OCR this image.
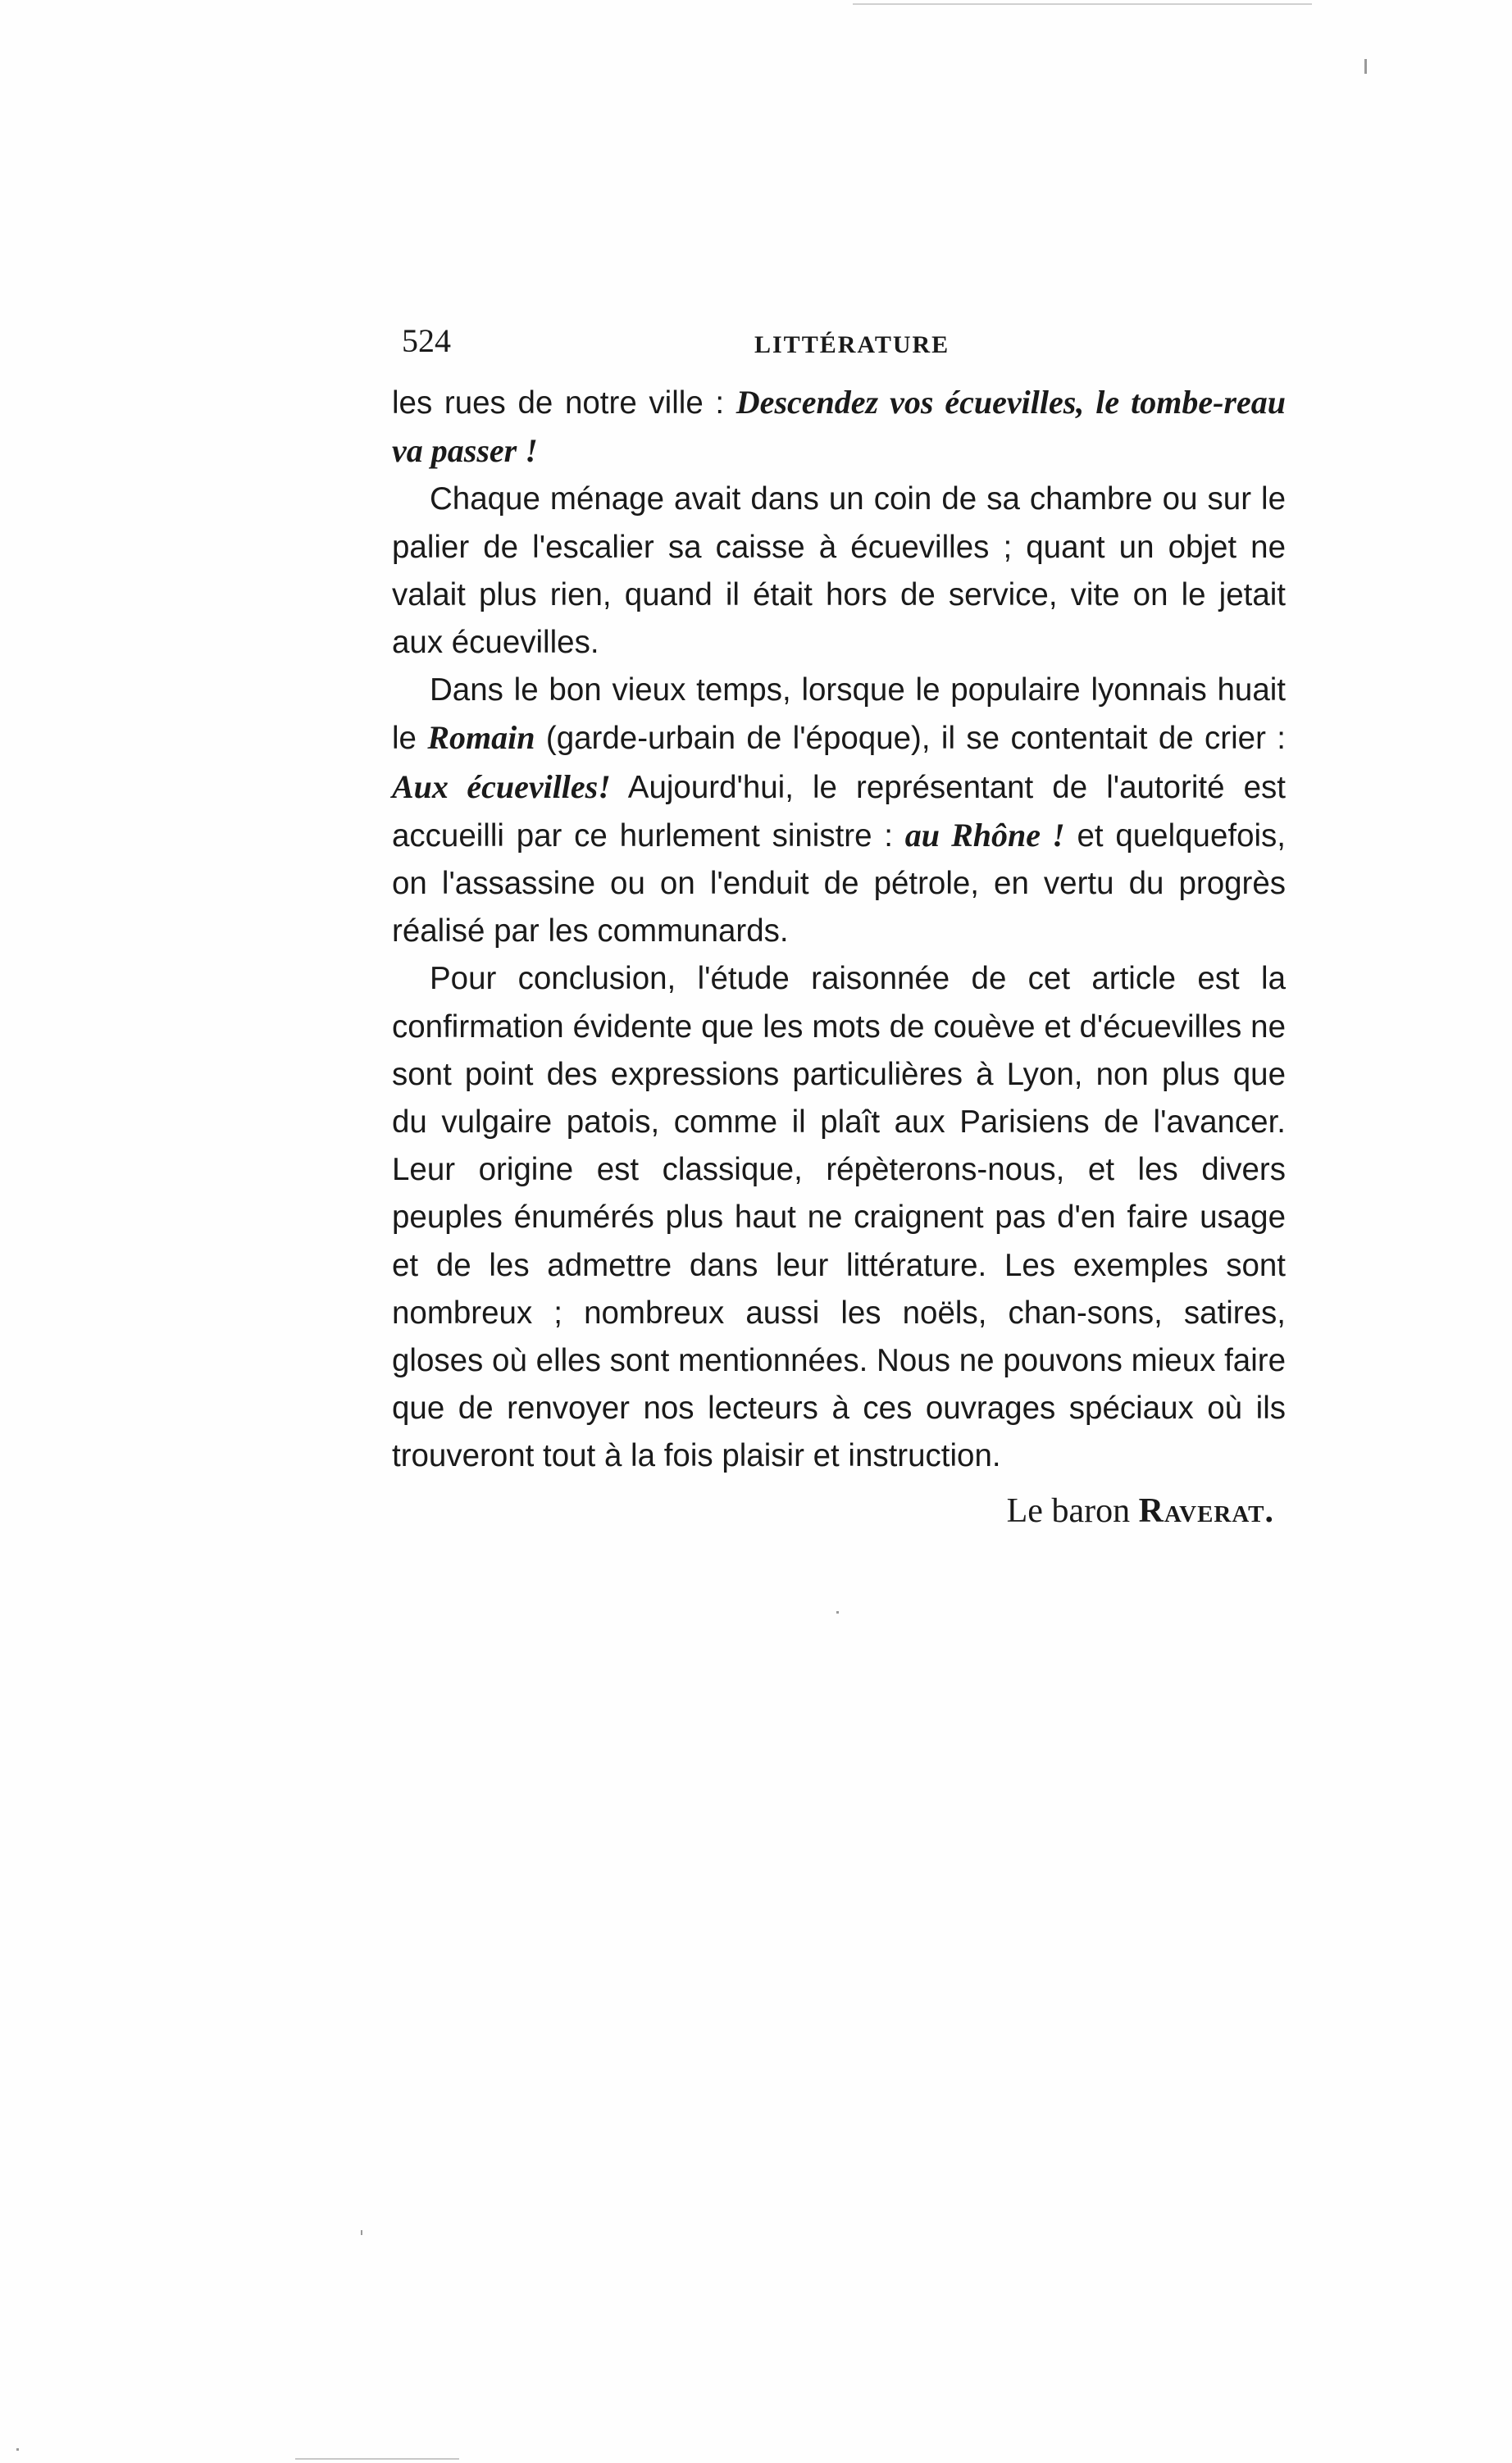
524	LITTÉRATURE

les rues de notre ville : Descendez vos écuevilles, le tombe-reau va passer !

Chaque ménage avait dans un coin de sa chambre ou sur le palier de l'escalier sa caisse à écuevilles ; quant un objet ne valait plus rien, quand il était hors de service, vite on le jetait aux écuevilles.

Dans le bon vieux temps, lorsque le populaire lyonnais huait le Romain (garde-urbain de l'époque), il se contentait de crier : Aux écuevilles! Aujourd'hui, le représentant de l'autorité est accueilli par ce hurlement sinistre : au Rhône ! et quelquefois, on l'assassine ou on l'enduit de pétrole, en vertu du progrès réalisé par les communards.

Pour conclusion, l'étude raisonnée de cet article est la confirmation évidente que les mots de couève et d'écuevilles ne sont point des expressions particulières à Lyon, non plus que du vulgaire patois, comme il plaît aux Parisiens de l'avancer. Leur origine est classique, répèterons-nous, et les divers peuples énumérés plus haut ne craignent pas d'en faire usage et de les admettre dans leur littérature. Les exemples sont nombreux ; nombreux aussi les noëls, chan-sons, satires, gloses où elles sont mentionnées. Nous ne pouvons mieux faire que de renvoyer nos lecteurs à ces ouvrages spéciaux où ils trouveront tout à la fois plaisir et instruction.

Le baron Raverat.
